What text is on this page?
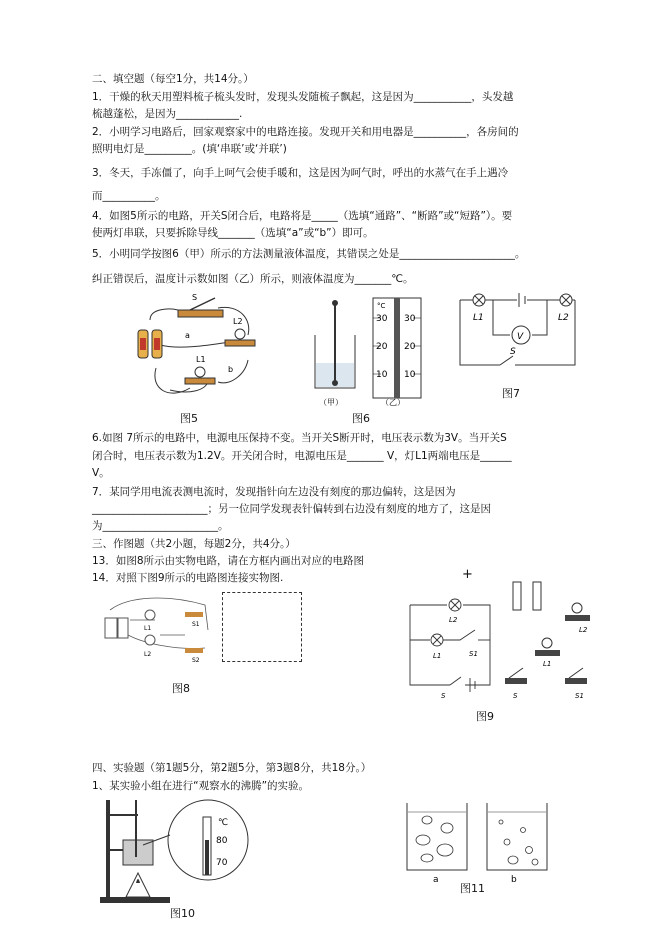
二、填空题（每空1分，共14分。）
1．干燥的秋天用塑料梳子梳头发时，发现头发随梳子飘起，这是因为___________，头发越
梳越蓬松，是因为____________.
2．小明学习电路后，回家观察家中的电路连接。发现开关和用电器是__________，各房间的
照明电灯是_________。(填‘串联’或‘并联’)
3．冬天，手冻僵了，向手上呵气会使手暖和，这是因为呵气时，呼出的水蒸气在手上遇冷
而__________。
4．如图5所示的电路，开关S闭合后，电路将是_____（选填“通路”、“断路”或“短路”）。要
使两灯串联，只要拆除导线_______（选填“a”或“b”）即可。
5．小明同学按图6（甲）所示的方法测量液体温度，其错误之处是______________________。
纠正错误后，温度计示数如图（乙）所示，则液体温度为_______℃。
6.如图 7所示的电路中，电源电压保持不变。当开关S断开时，电压表示数为3V。当开关S
闭合时，电压表示数为1.2V。开关闭合时，电源电压是_______ V，灯L1两端电压是______
V。
7．某同学用电流表测电流时，发现指针向左边没有刻度的那边偏转，这是因为
______________________；另一位同学发现表针偏转到右边没有刻度的地方了，这是因
为______________________。
三、作图题（共2小题，每题2分，共4分。）
13．如图8所示由实物电路，请在方框内画出对应的电路图
14．对照下图9所示的电路图连接实物图.
四、实验题（第1题5分，第2题5分，第3题8分，共18分。）
1、某实验小组在进行“观察水的沸腾”的实验。
S
a
L2
L1
b
图5
°C
30 30
20 20
10 10
（甲）	（乙）
图6
V
L1	L2
S
图7
L1
S1
L2
S2
图8
+
L2
L1	S1
S
L2
L1
S	S1
图9
℃
80
70
图10
a	b
图11
